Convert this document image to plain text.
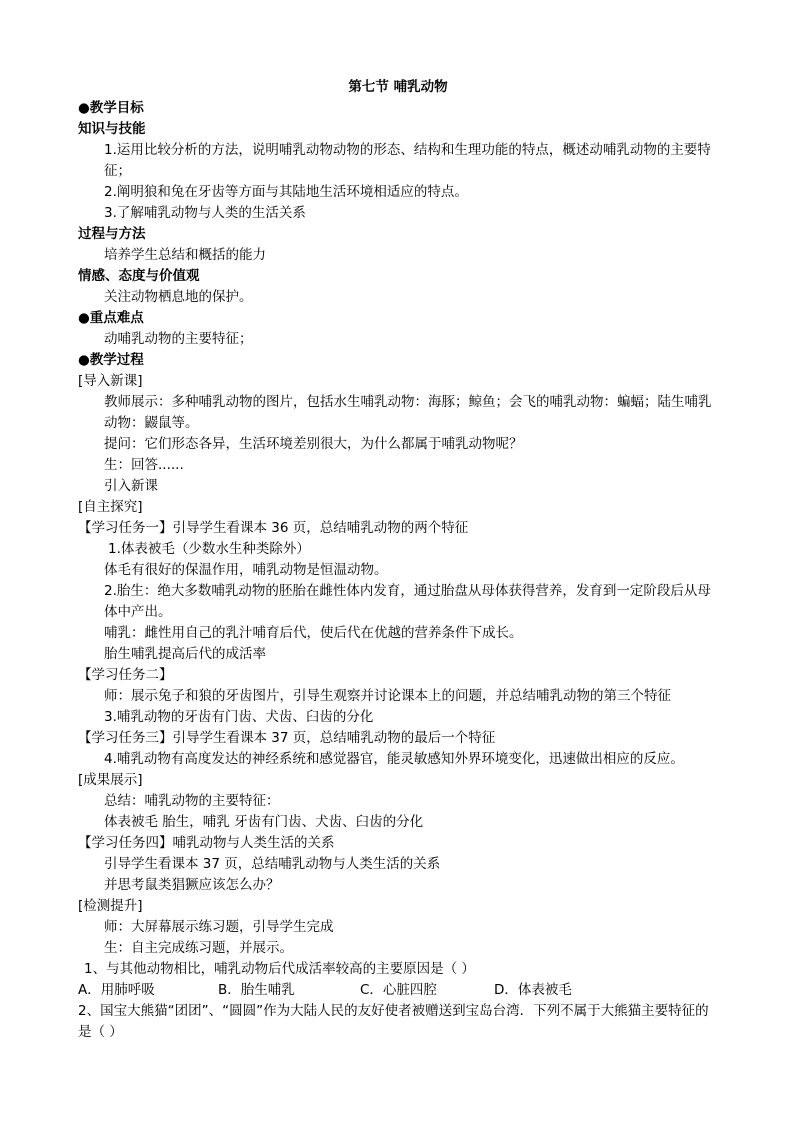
第七节 哺乳动物
●教学目标
知识与技能
1.运用比较分析的方法，说明哺乳动物动物的形态、结构和生理功能的特点，概述动哺乳动物的主要特征；
2.阐明狼和兔在牙齿等方面与其陆地生活环境相适应的特点。
3.了解哺乳动物与人类的生活关系
过程与方法
培养学生总结和概括的能力
情感、态度与价值观
关注动物栖息地的保护。
●重点难点
动哺乳动物的主要特征；
●教学过程
[导入新课]
教师展示：多种哺乳动物的图片，包括水生哺乳动物：海豚；鲸鱼；会飞的哺乳动物：蝙蝠；陆生哺乳动物：鼹鼠等。
提问：它们形态各异，生活环境差别很大，为什么都属于哺乳动物呢？
生：回答......
引入新课
[自主探究]
【学习任务一】引导学生看课本 36 页，总结哺乳动物的两个特征
1.体表被毛（少数水生种类除外）
体毛有很好的保温作用，哺乳动物是恒温动物。
2.胎生：绝大多数哺乳动物的胚胎在雌性体内发育，通过胎盘从母体获得营养，发育到一定阶段后从母体中产出。
哺乳：雌性用自己的乳汁哺育后代，使后代在优越的营养条件下成长。
胎生哺乳提高后代的成活率
【学习任务二】
师：展示兔子和狼的牙齿图片，引导生观察并讨论课本上的问题，并总结哺乳动物的第三个特征
3.哺乳动物的牙齿有门齿、犬齿、臼齿的分化
【学习任务三】引导学生看课本 37 页，总结哺乳动物的最后一个特征
4.哺乳动物有高度发达的神经系统和感觉器官，能灵敏感知外界环境变化，迅速做出相应的反应。
[成果展示]
总结：哺乳动物的主要特征：
体表被毛 胎生，哺乳 牙齿有门齿、犬齿、臼齿的分化
【学习任务四】哺乳动物与人类生活的关系
引导学生看课本 37 页，总结哺乳动物与人类生活的关系
并思考鼠类猖獗应该怎么办？
[检测提升]
师：大屏幕展示练习题，引导学生完成
生：自主完成练习题，并展示。
1、与其他动物相比，哺乳动物后代成活率较高的主要原因是（ ）
A．用肺呼吸	B．胎生哺乳	C．心脏四腔	D．体表被毛
2、国宝大熊猫“团团”、“圆圆”作为大陆人民的友好使者被赠送到宝岛台湾．下列不属于大熊猫主要特征的是（ ）
